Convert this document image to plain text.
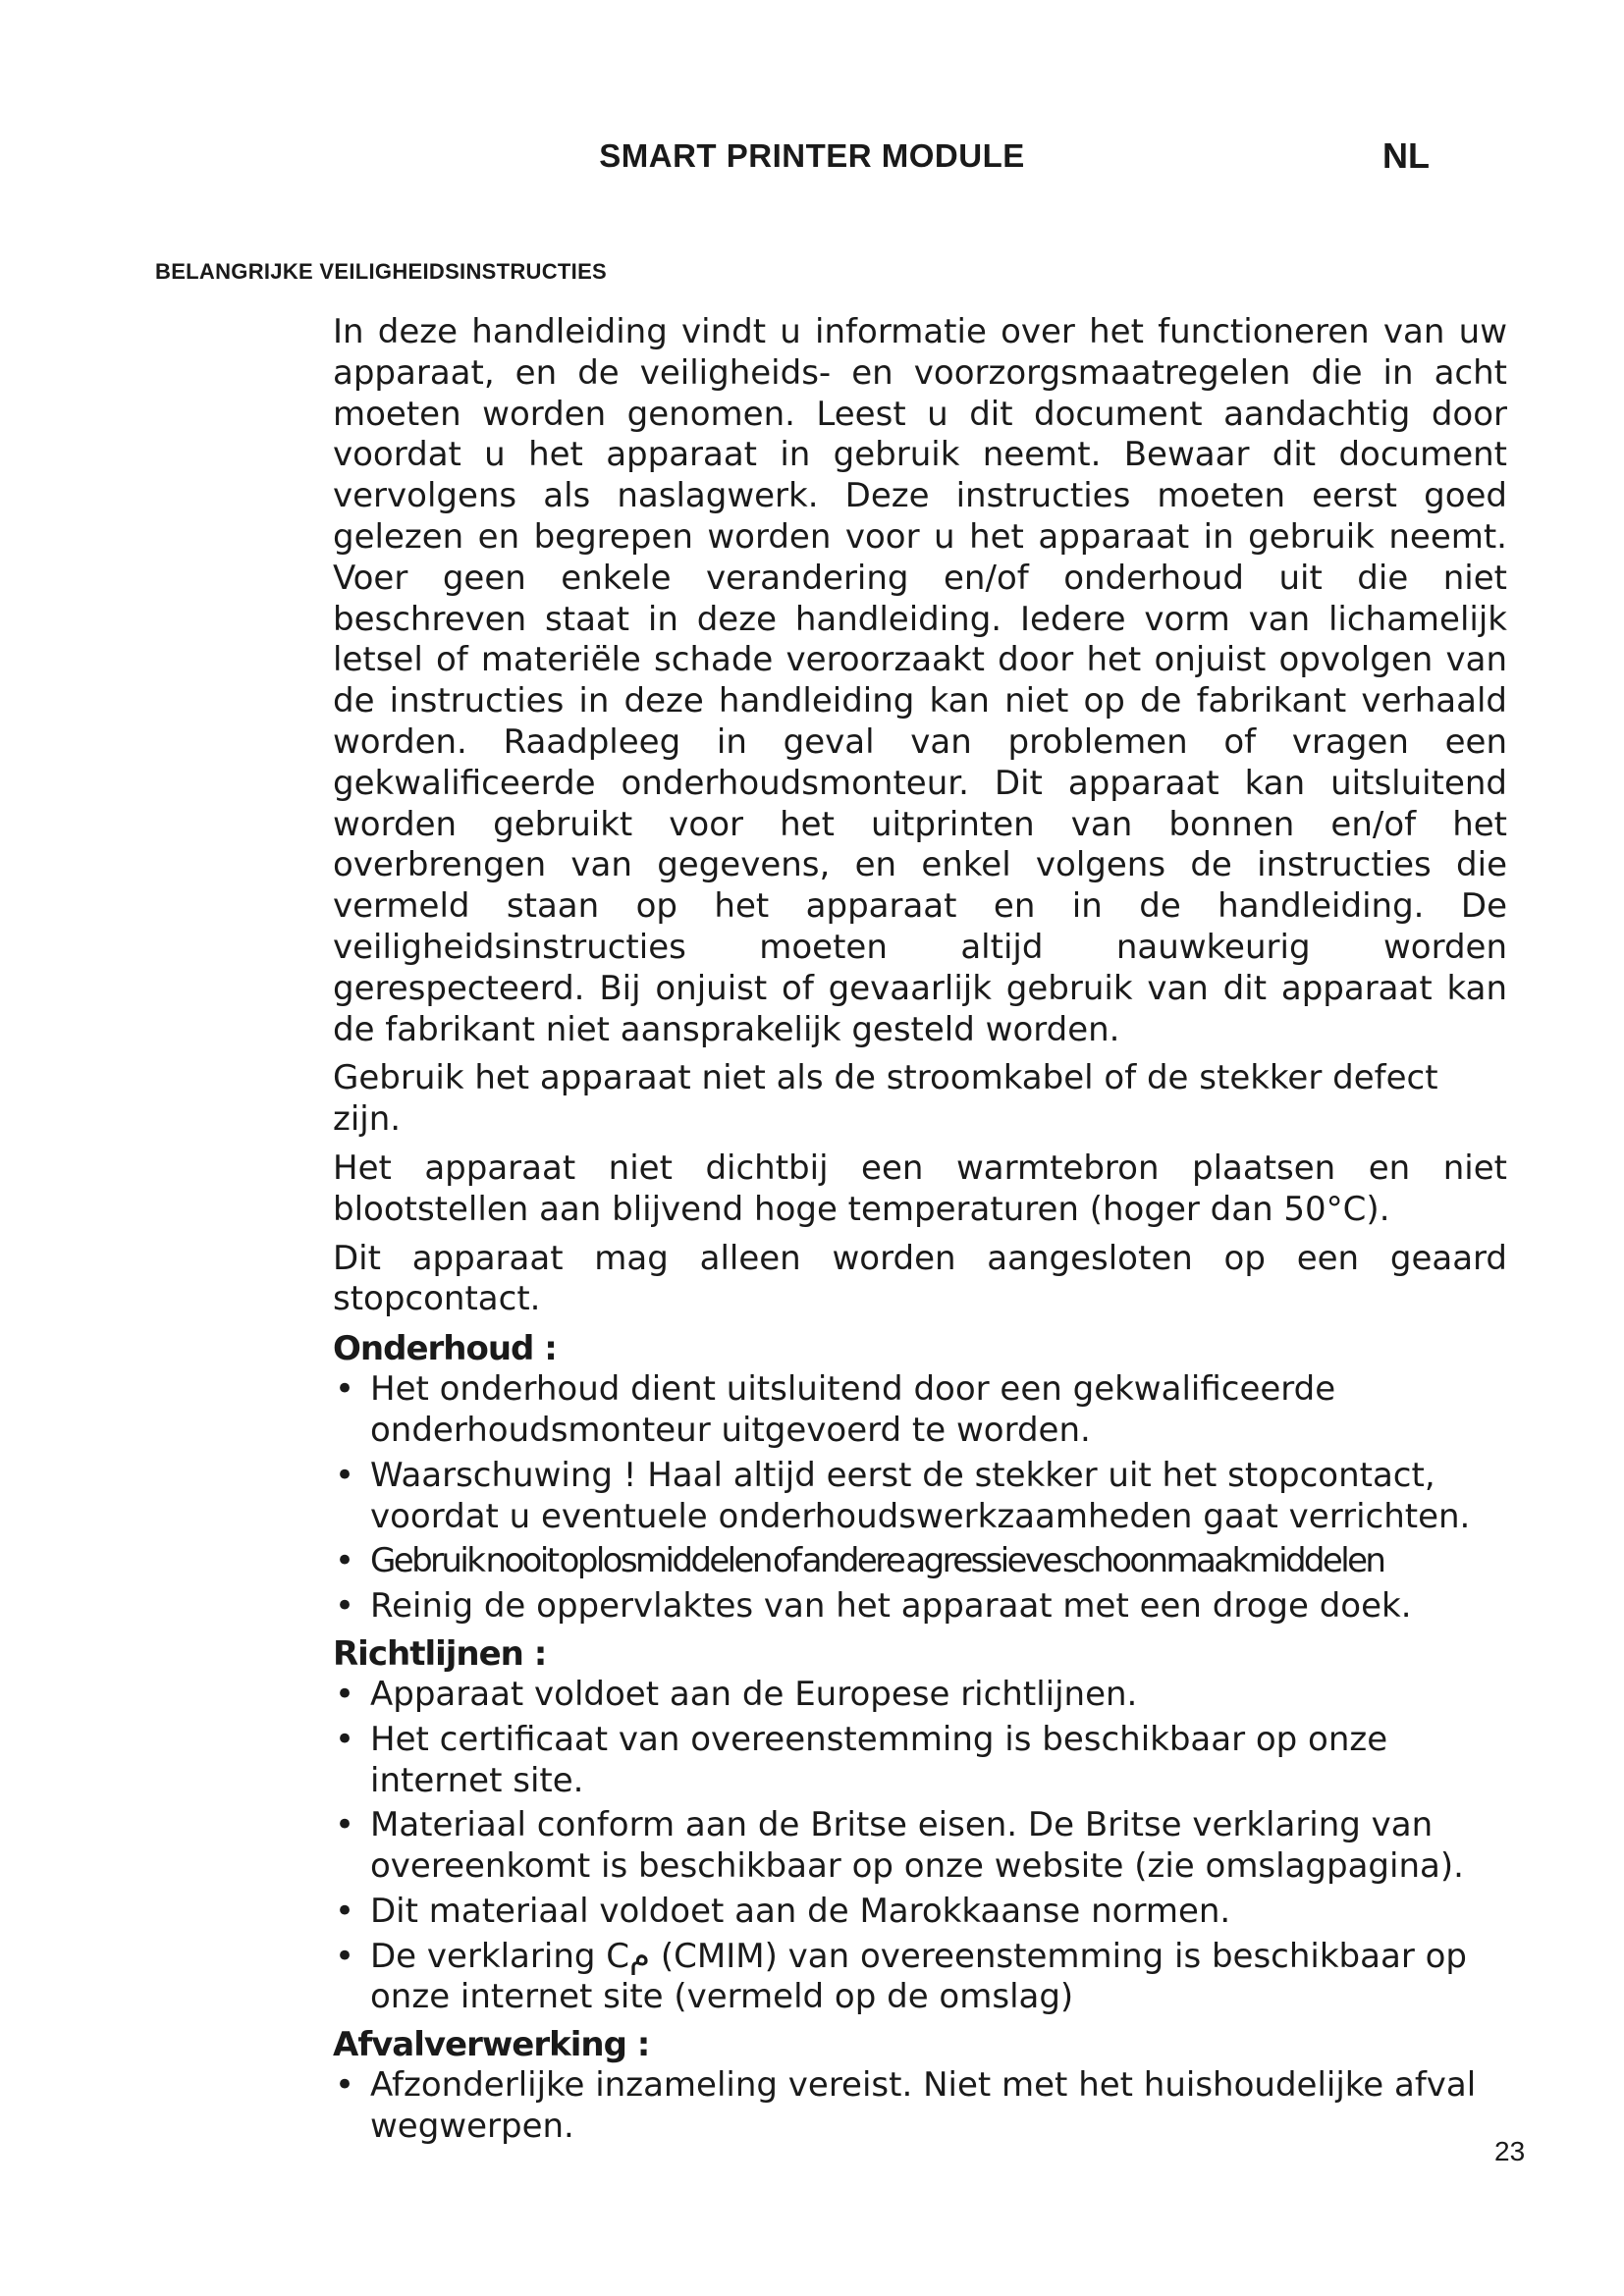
SMART PRINTER MODULE	NL
BELANGRIJKE VEILIGHEIDSINSTRUCTIES

In deze handleiding vindt u informatie over het functioneren van uw apparaat, en de veiligheids- en voorzorgsmaatregelen die in acht moeten worden genomen. Leest u dit document aandachtig door voordat u het apparaat in gebruik neemt. Bewaar dit document vervolgens als naslagwerk. Deze instructies moeten eerst goed gelezen en begrepen worden voor u het apparaat in gebruik neemt. Voer geen enkele verandering en/of onderhoud uit die niet beschreven staat in deze handleiding. Iedere vorm van lichamelijk letsel of materiële schade veroorzaakt door het onjuist opvolgen van de instructies in deze handleiding kan niet op de fabrikant verhaald worden. Raadpleeg in geval van problemen of vragen een gekwalificeerde onderhoudsmonteur. Dit apparaat kan uitsluitend worden gebruikt voor het uitprinten van bonnen en/of het overbrengen van gegevens, en enkel volgens de instructies die vermeld staan op het apparaat en in de handleiding. De veiligheidsinstructies moeten altijd nauwkeurig worden gerespecteerd. Bij onjuist of gevaarlijk gebruik van dit apparaat kan de fabrikant niet aansprakelijk gesteld worden.

Gebruik het apparaat niet als de stroomkabel of de stekker defect zijn.

Het apparaat niet dichtbij een warmtebron plaatsen en niet blootstellen aan blijvend hoge temperaturen (hoger dan 50°C).

Dit apparaat mag alleen worden aangesloten op een geaard stopcontact.

Onderhoud :
• Het onderhoud dient uitsluitend door een gekwalificeerde onderhoudsmonteur uitgevoerd te worden.
• Waarschuwing ! Haal altijd eerst de stekker uit het stopcontact, voordat u eventuele onderhoudswerkzaamheden gaat verrichten.
• Gebruik nooit oplosmiddelen of andere agressieve schoonmaakmiddelen
• Reinig de oppervlaktes van het apparaat met een droge doek.
Richtlijnen :
• Apparaat voldoet aan de Europese richtlijnen.
• Het certificaat van overeenstemming is beschikbaar op onze internet site.
• Materiaal conform aan de Britse eisen. De Britse verklaring van overeenkomt is beschikbaar op onze website (zie omslagpagina).
• Dit materiaal voldoet aan de Marokkaanse normen.
• De verklaring Cم (CMIM) van overeenstemming is beschikbaar op onze internet site (vermeld op de omslag)
Afvalverwerking :
• Afzonderlijke inzameling vereist. Niet met het huishoudelijke afval wegwerpen.
23
